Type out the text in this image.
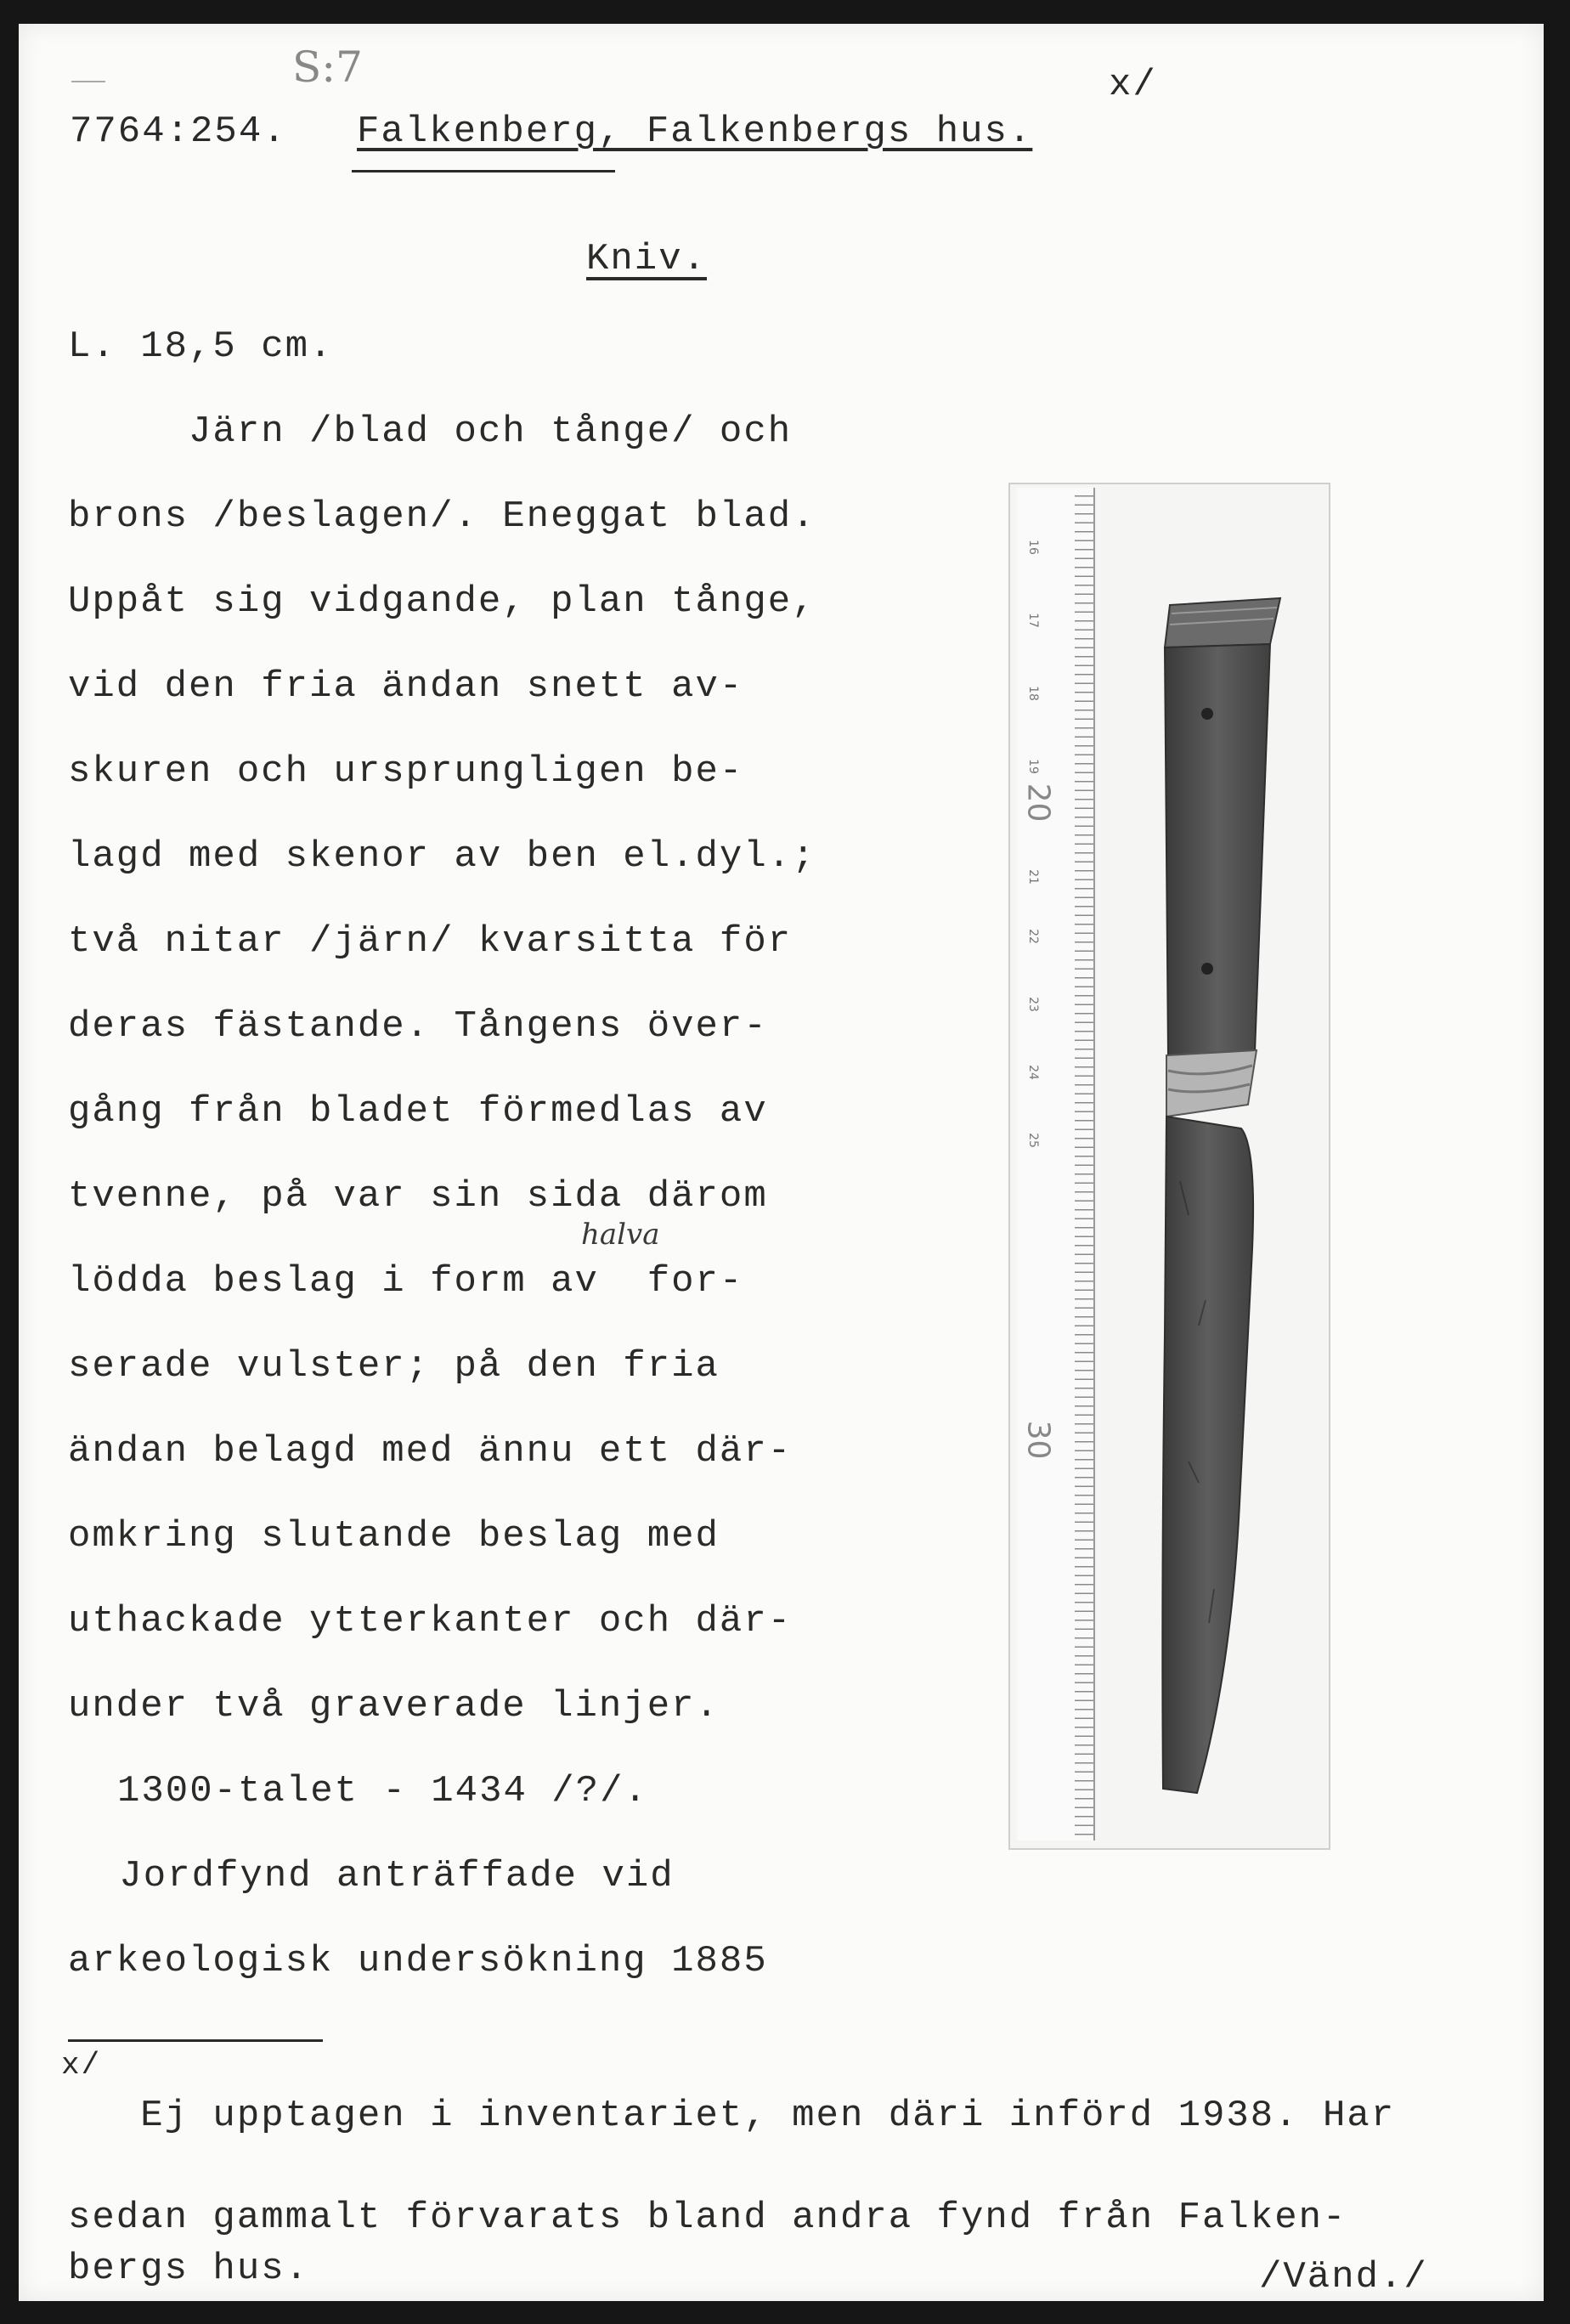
S:7	x/
7764:254. Falkenberg, Falkenbergs hus.
Kniv.
L. 18,5 cm.
Järn /blad och tånge/ och
brons /beslagen/. Eneggat blad.
Uppåt sig vidgande, plan tånge,
vid den fria ändan snett av-
skuren och ursprungligen be-
lagd med skenor av ben el.dyl.;
två nitar /järn/ kvarsitta för
deras fästande. Tångens över-
gång från bladet förmedlas av
tvenne, på var sin sida därom
halva
lödda beslag i form av  for-
serade vulster; på den fria
ändan belagd med ännu ett där-
omkring slutande beslag med
uthackade ytterkanter och där-
under två graverade linjer.
1300-talet - 1434 /?/.
Jordfynd anträffade vid
arkeologisk undersökning 1885
x/
Ej upptagen i inventariet, men däri införd 1938. Har
sedan gammalt förvarats bland andra fynd från Falken-
bergs hus.	/Vänd./
16
17
18
19
20
21
22
23
24
25
30
